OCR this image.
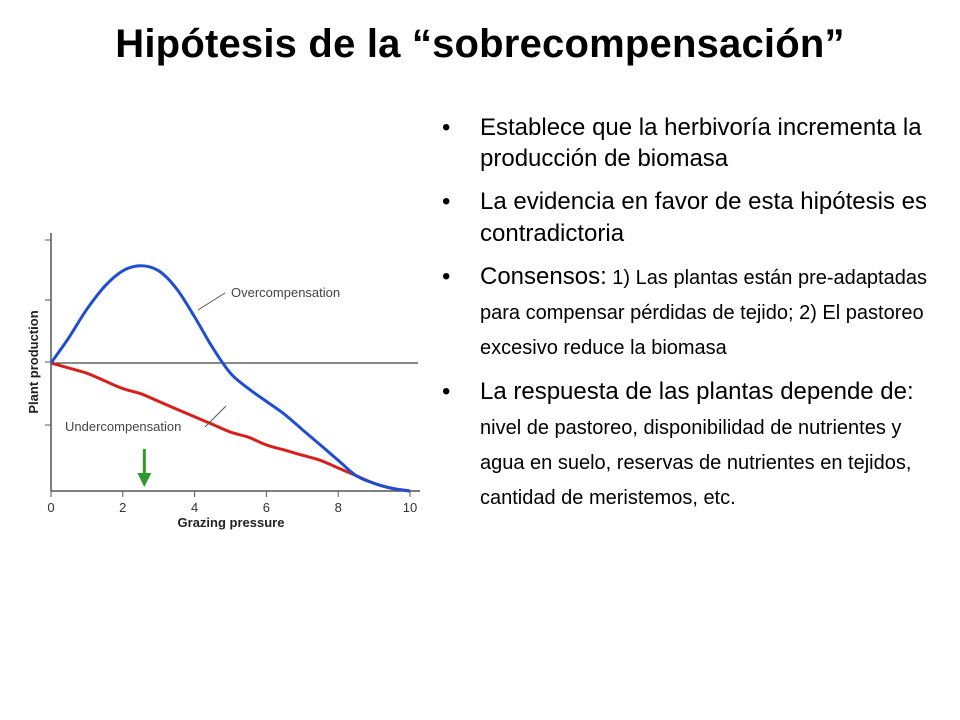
Hipótesis de la “sobrecompensación”
0	2	4	6	8	10
Overcompensation
Undercompensation
Grazing pressure
Plant production
• Establece que la herbivoría incrementa la producción de biomasa
• La evidencia en favor de esta hipótesis es contradictoria
• Consensos: 1) Las plantas están pre-adaptadas para compensar pérdidas de tejido; 2) El pastoreo excesivo reduce la biomasa
• La respuesta de las plantas depende de: nivel de pastoreo, disponibilidad de nutrientes y agua en suelo, reservas de nutrientes en tejidos, cantidad de meristemos, etc.
